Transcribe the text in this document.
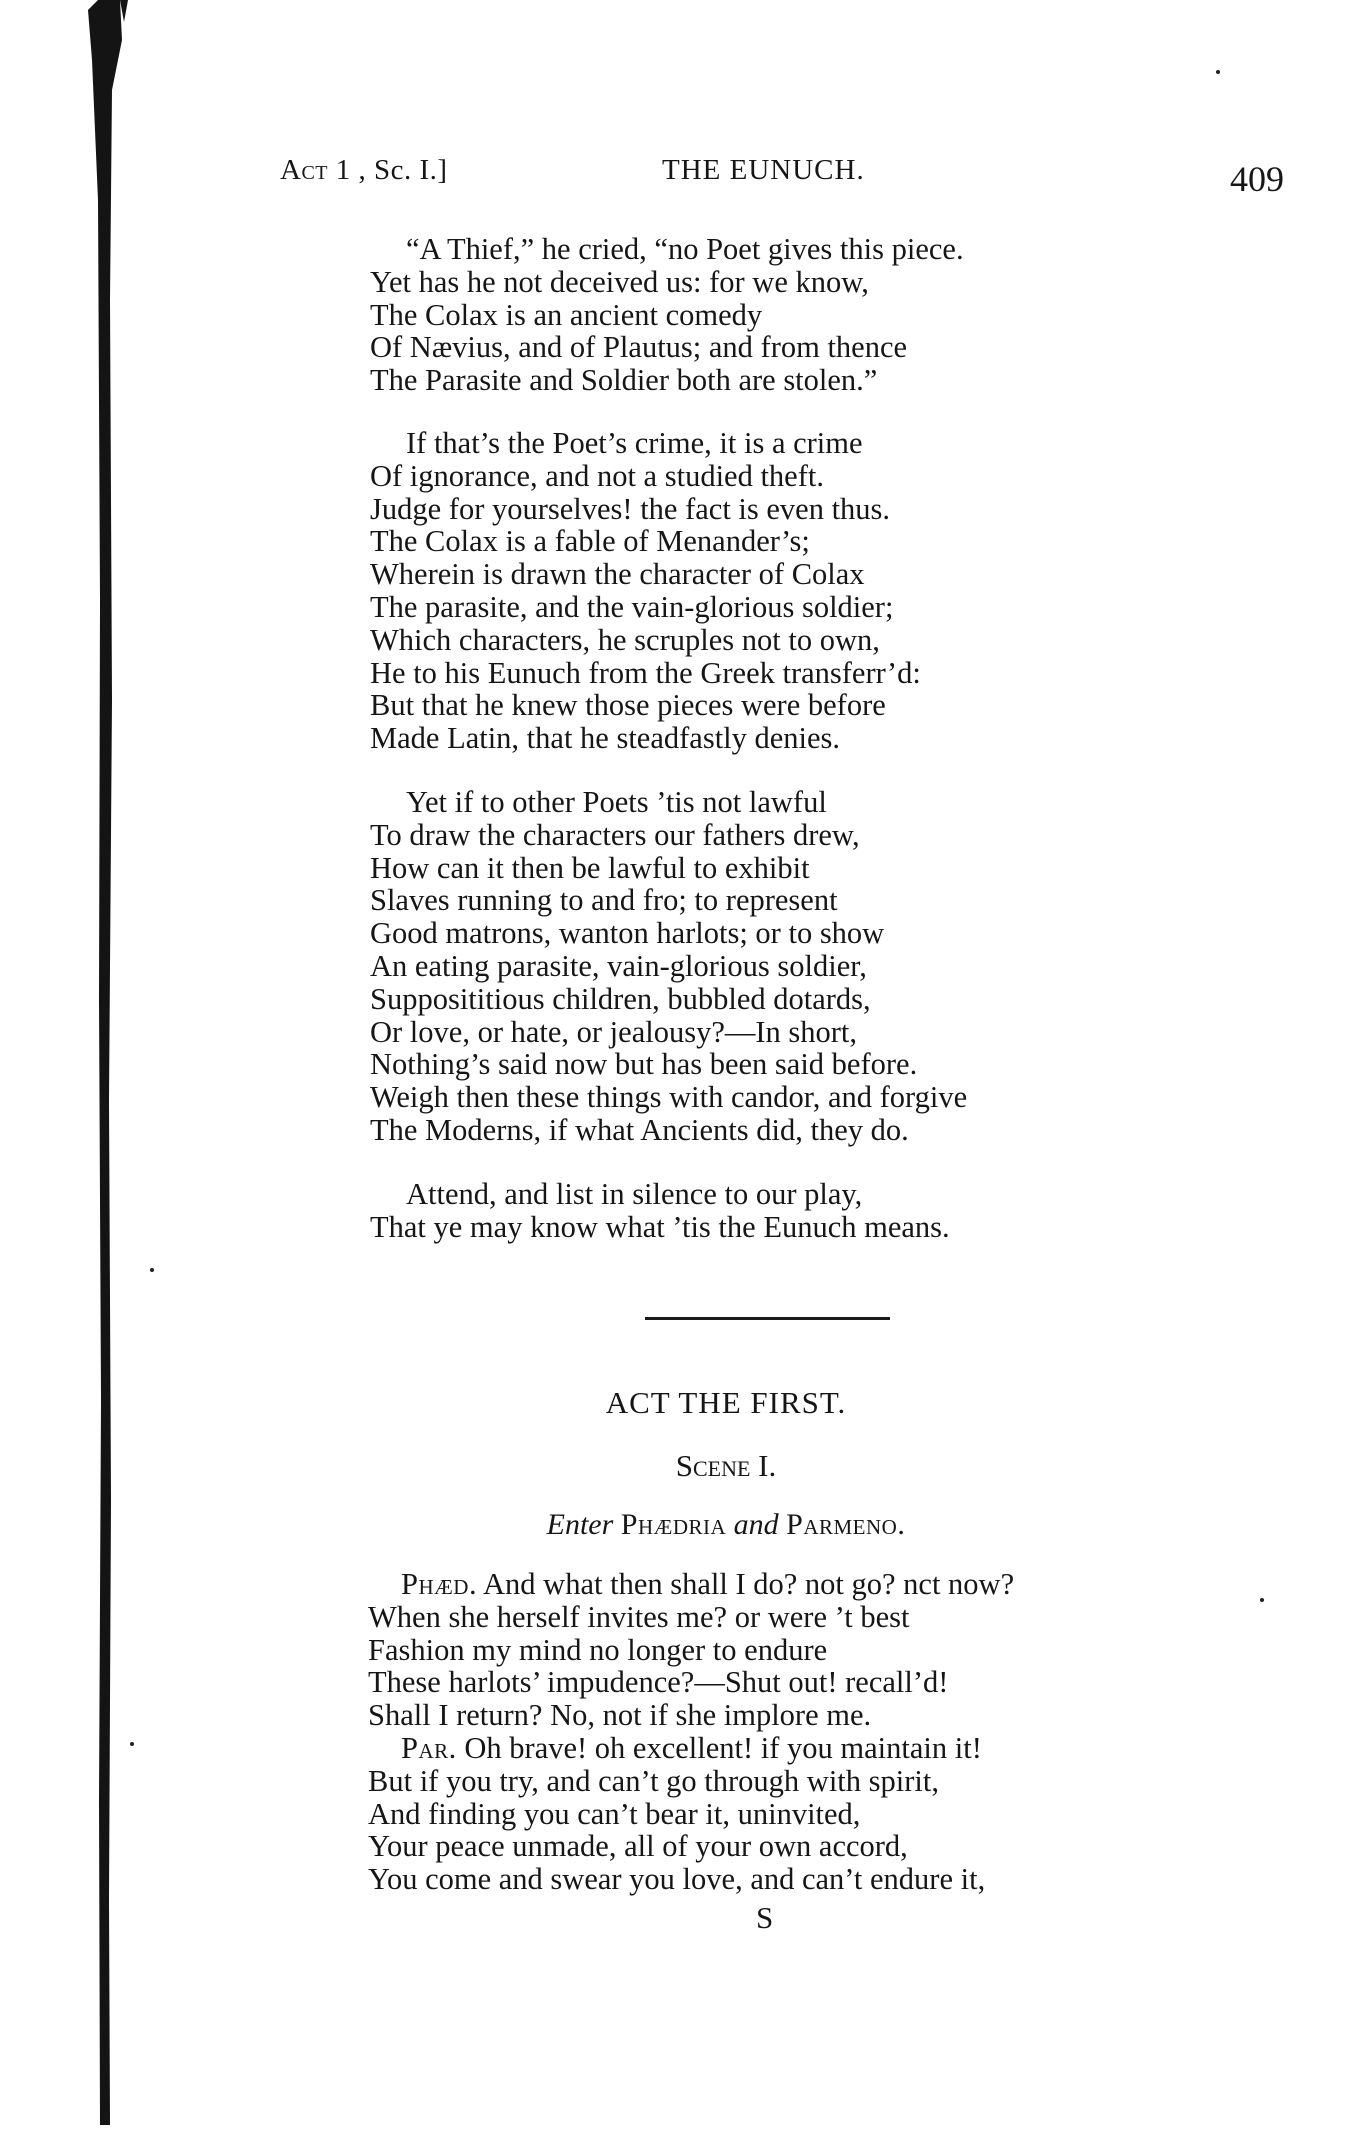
Act 1 , Sc. I.]	THE EUNUCH.	409
“A Thief,” he cried, “no Poet gives this piece.
Yet has he not deceived us: for we know,
The Colax is an ancient comedy
Of Nævius, and of Plautus; and from thence
The Parasite and Soldier both are stolen.”
If that’s the Poet’s crime, it is a crime
Of ignorance, and not a studied theft.
Judge for yourselves! the fact is even thus.
The Colax is a fable of Menander’s;
Wherein is drawn the character of Colax
The parasite, and the vain-glorious soldier;
Which characters, he scruples not to own,
He to his Eunuch from the Greek transferr’d:
But that he knew those pieces were before
Made Latin, that he steadfastly denies.
Yet if to other Poets ’tis not lawful
To draw the characters our fathers drew,
How can it then be lawful to exhibit
Slaves running to and fro; to represent
Good matrons, wanton harlots; or to show
An eating parasite, vain-glorious soldier,
Supposititious children, bubbled dotards,
Or love, or hate, or jealousy?—In short,
Nothing’s said now but has been said before.
Weigh then these things with candor, and forgive
The Moderns, if what Ancients did, they do.
Attend, and list in silence to our play,
That ye may know what ’tis the Eunuch means.
ACT THE FIRST.
Scene I.
Enter Phædria and Parmeno.
Phæd. And what then shall I do? not go? nct now?
When she herself invites me? or were ’t best
Fashion my mind no longer to endure
These harlots’ impudence?—Shut out! recall’d!
Shall I return? No, not if she implore me.
Par. Oh brave! oh excellent! if you maintain it!
But if you try, and can’t go through with spirit,
And finding you can’t bear it, uninvited,
Your peace unmade, all of your own accord,
You come and swear you love, and can’t endure it,
S
